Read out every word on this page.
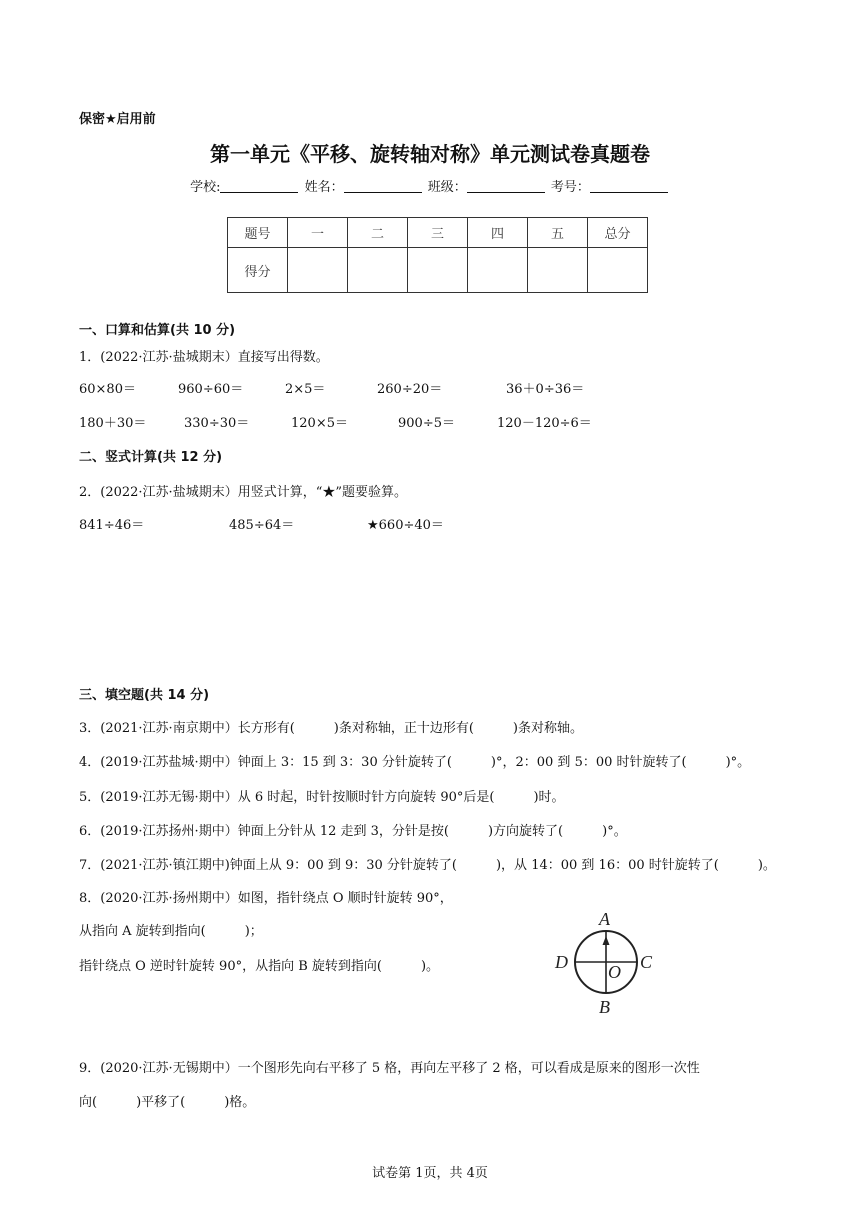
保密★启用前
第一单元《平移、旋转轴对称》单元测试卷真题卷
学校:	姓名：	班级：	考号：
题号	一	二	三	四	五	总分
得分						
一、口算和估算(共 10 分)
1．(2022·江苏·盐城期末）直接写出得数。
60×80＝	960÷60＝	2×5＝	260÷20＝	36＋0÷36＝
180＋30＝	330÷30＝	120×5＝	900÷5＝	120－120÷6＝
二、竖式计算(共 12 分)
2．(2022·江苏·盐城期末）用竖式计算，“★”题要验算。
841÷46＝	485÷64＝	★660÷40＝
三、填空题(共 14 分)
3．(2021·江苏·南京期中）长方形有(　　　)条对称轴，正十边形有(　　　)条对称轴。
4．(2019·江苏盐城·期中）钟面上 3：15 到 3：30 分针旋转了(　　　)°，2：00 到 5：00 时针旋转了(　　　)°。
5．(2019·江苏无锡·期中）从 6 时起，时针按顺时针方向旋转 90°后是(　　　)时。
6．(2019·江苏扬州·期中）钟面上分针从 12 走到 3，分针是按(　　　)方向旋转了(　　　)°。
7．(2021·江苏·镇江期中)钟面上从 9：00 到 9：30 分针旋转了(　　　)，从 14：00 到 16：00 时针旋转了(　　　)。
8．(2020·江苏·扬州期中）如图，指针绕点 O 顺时针旋转 90°，
从指向 A 旋转到指向(　　　)；
指针绕点 O 逆时针旋转 90°，从指向 B 旋转到指向(　　　)。
A
B
C
D O
9．(2020·江苏·无锡期中）一个图形先向右平移了 5 格，再向左平移了 2 格，可以看成是原来的图形一次性
向(　　　)平移了(　　　)格。
试卷第 1页，共 4页
